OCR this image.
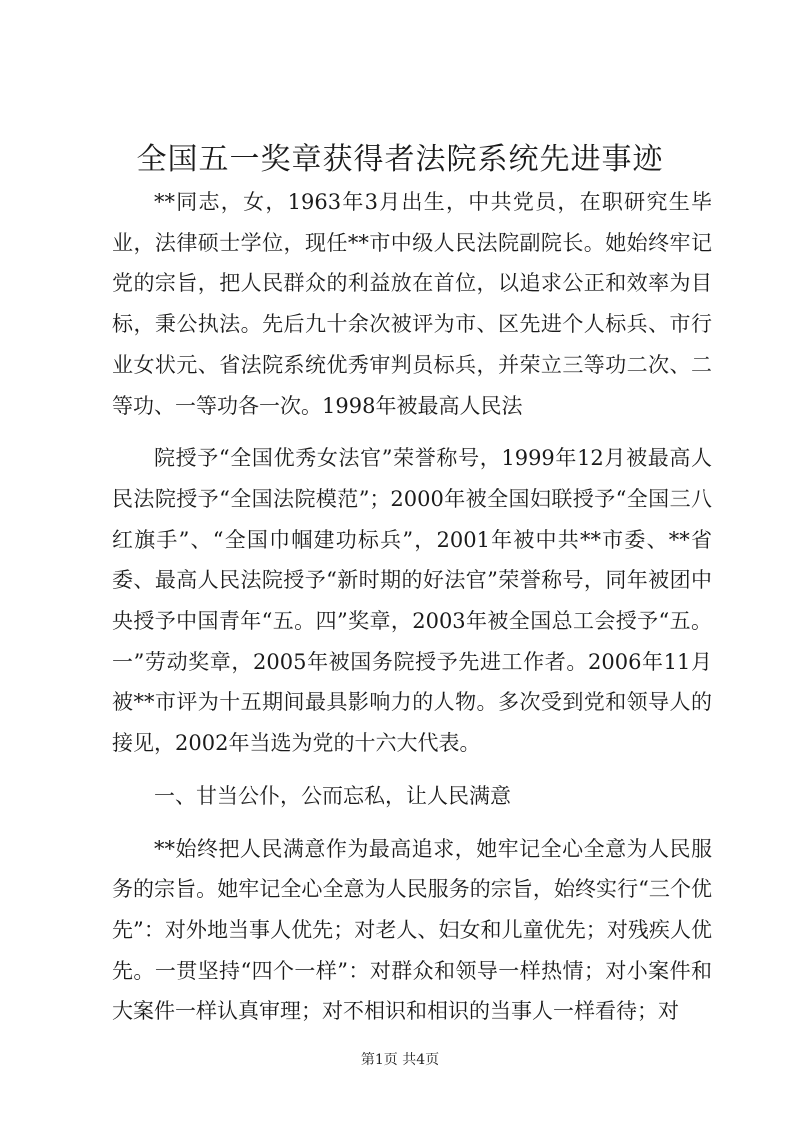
全国五一奖章获得者法院系统先进事迹

**同志，女，1963年3月出生，中共党员，在职研究生毕业，法律硕士学位，现任**市中级人民法院副院长。她始终牢记党的宗旨，把人民群众的利益放在首位，以追求公正和效率为目标，秉公执法。先后九十余次被评为市、区先进个人标兵、市行业女状元、省法院系统优秀审判员标兵，并荣立三等功二次、二等功、一等功各一次。1998年被最高人民法

院授予“全国优秀女法官”荣誉称号，1999年12月被最高人民法院授予“全国法院模范”；2000年被全国妇联授予“全国三八红旗手”、“全国巾帼建功标兵”，2001年被中共**市委、**省委、最高人民法院授予“新时期的好法官”荣誉称号，同年被团中央授予中国青年“五。四”奖章，2003年被全国总工会授予“五。一”劳动奖章，2005年被国务院授予先进工作者。2006年11月被**市评为十五期间最具影响力的人物。多次受到党和领导人的接见，2002年当选为党的十六大代表。

一、甘当公仆，公而忘私，让人民满意

**始终把人民满意作为最高追求，她牢记全心全意为人民服务的宗旨。她牢记全心全意为人民服务的宗旨，始终实行“三个优先”：对外地当事人优先；对老人、妇女和儿童优先；对残疾人优先。一贯坚持“四个一样”：对群众和领导一样热情；对小案件和大案件一样认真审理；对不相识和相识的当事人一样看待；对

第1页 共4页
